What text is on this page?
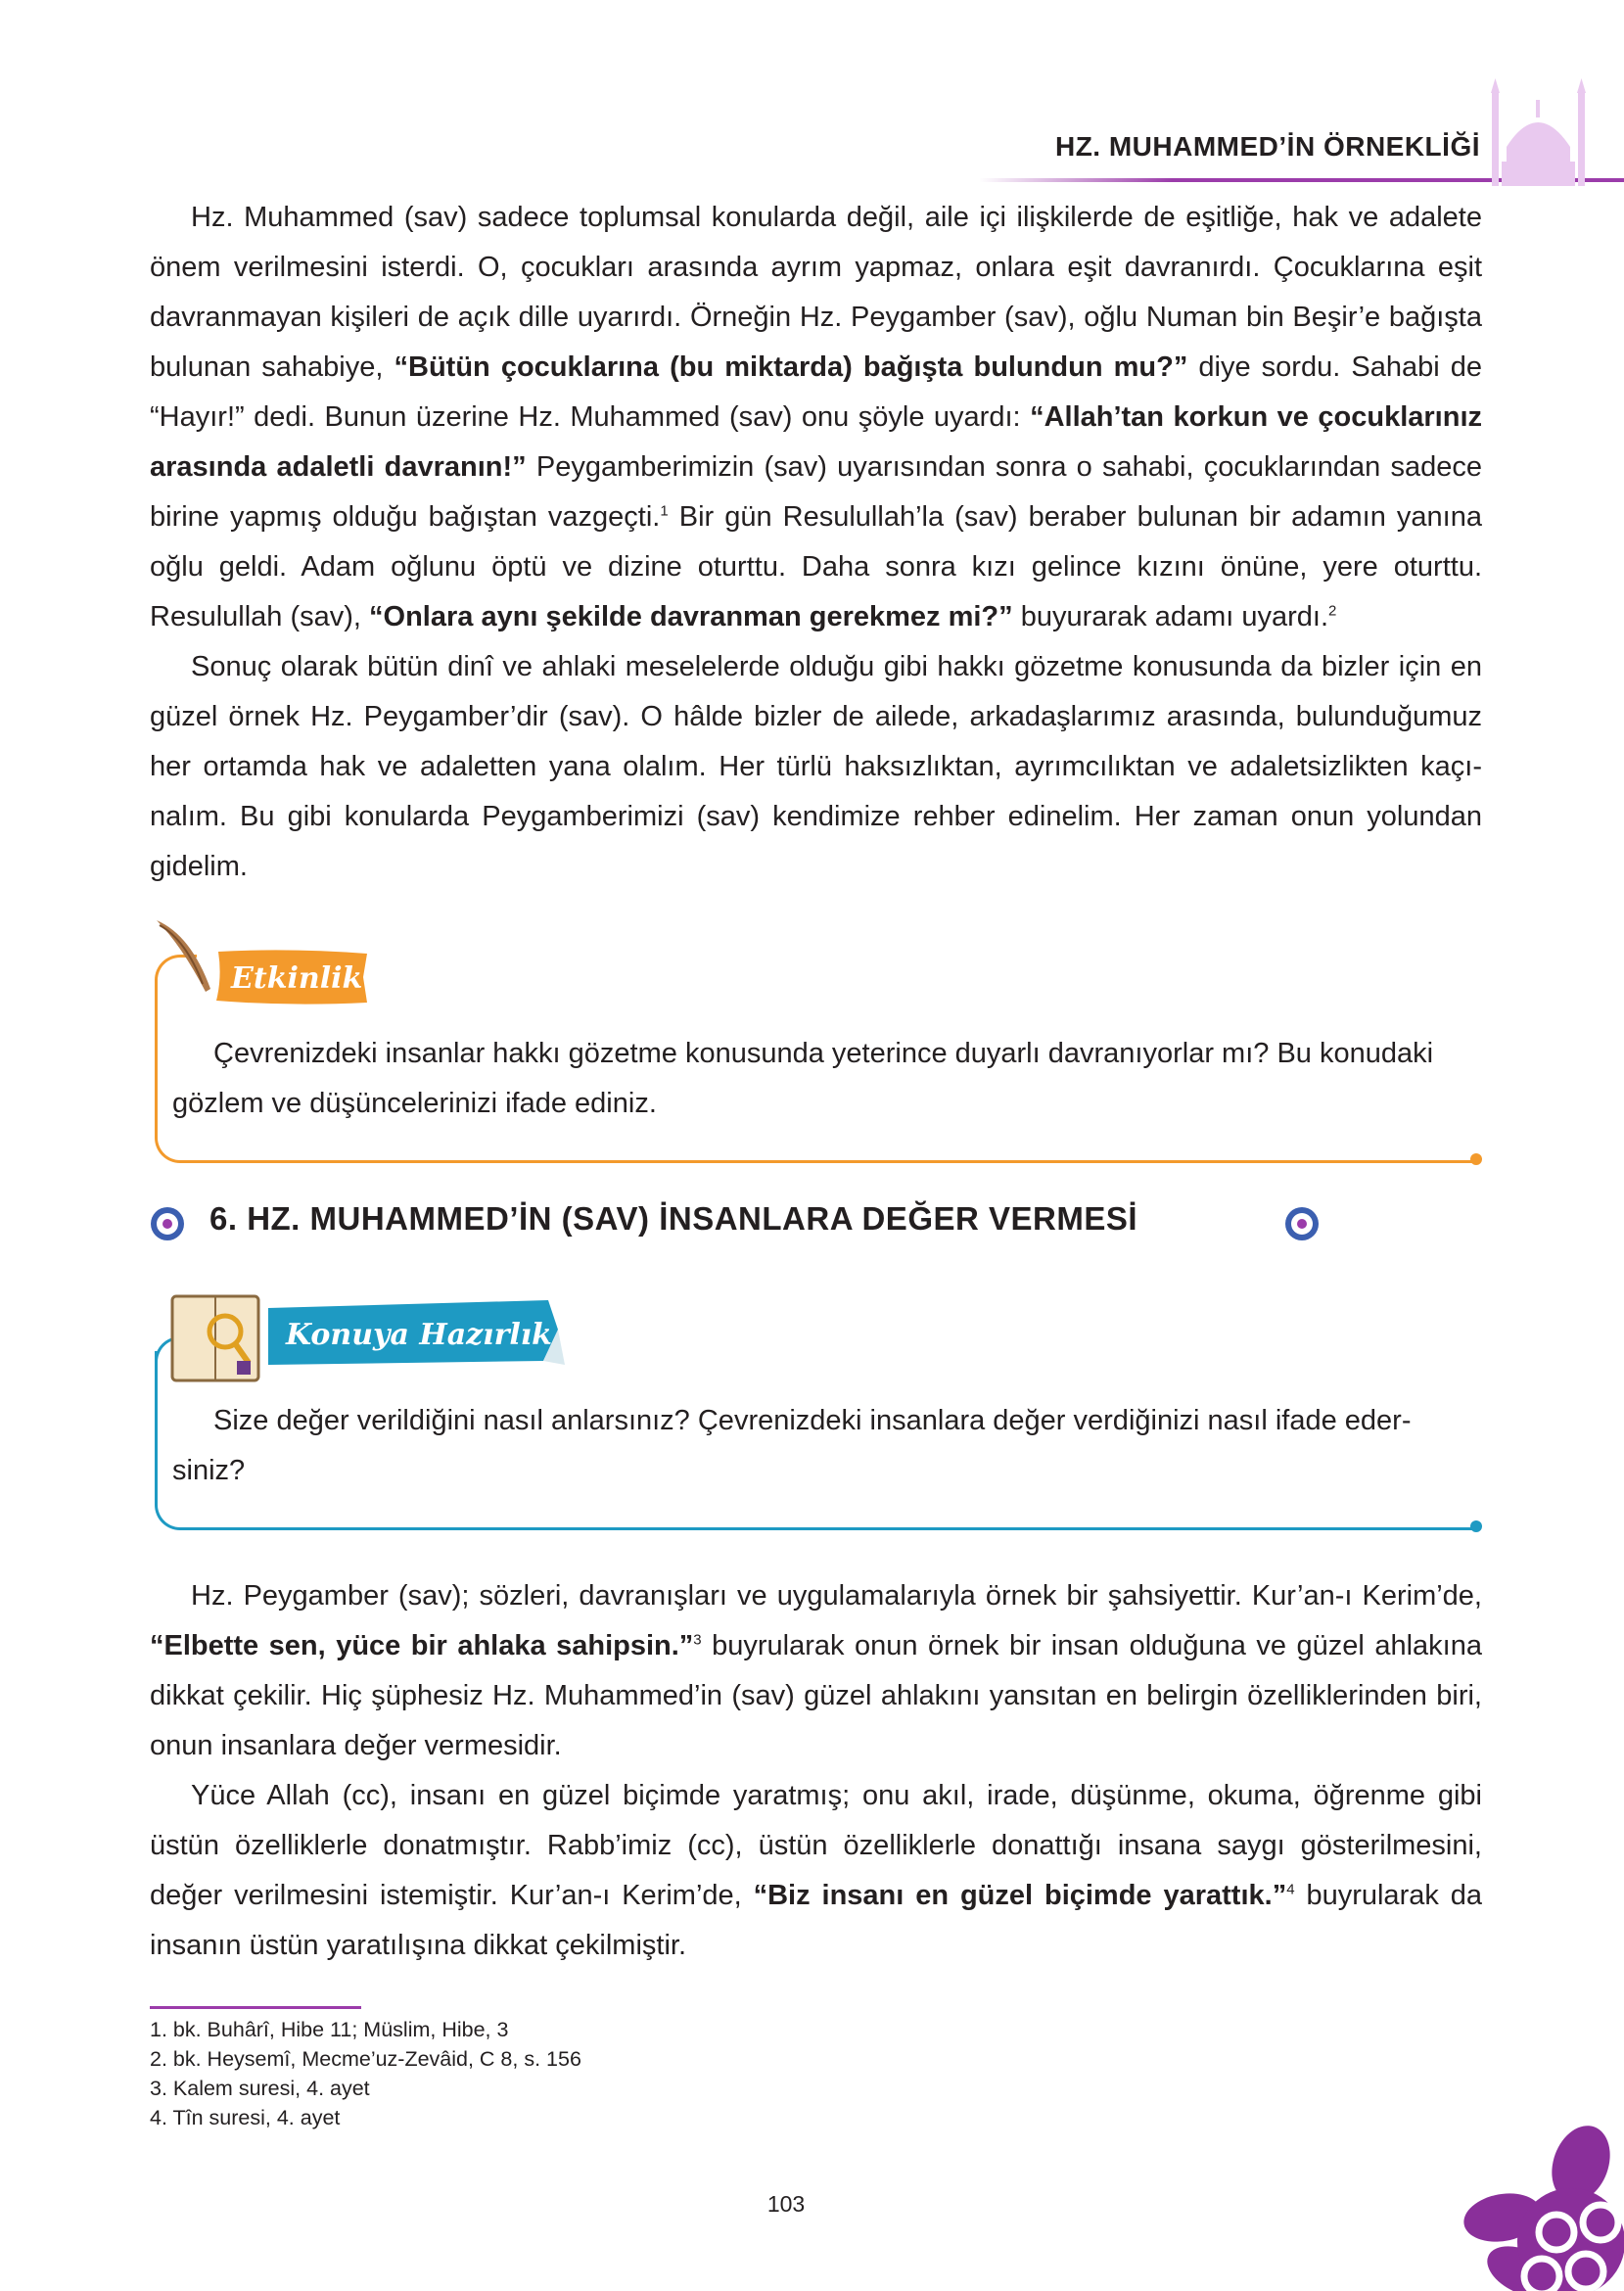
HZ. MUHAMMED’İN ÖRNEKLİĞİ

Hz. Muhammed (sav) sadece toplumsal konularda değil, aile içi ilişkilerde de eşitliğe, hak ve adalete önem verilmesini isterdi. O, çocukları arasında ayrım yapmaz, onlara eşit davranırdı. Çocuklarına eşit davranmayan kişileri de açık dille uyarırdı. Örneğin Hz. Peygamber (sav), oğlu Numan bin Beşir’e bağışta bulunan sahabiye, “Bütün çocuklarına (bu miktarda) bağışta bulundun mu?” diye sordu. Sahabi de “Hayır!” dedi. Bunun üzerine Hz. Muhammed (sav) onu şöyle uyardı: “Allah’tan korkun ve çocuklarınız arasında adaletli davranın!” Peygamberimizin (sav) uyarısından sonra o sahabi, çocuklarından sadece birine yapmış olduğu bağıştan vazgeçti.$^1$ Bir gün Resulullah’la (sav) beraber bulunan bir adamın yanına oğlu geldi. Adam oğlunu öptü ve dizine oturttu. Daha sonra kızı gelince kızını önüne, yere oturttu. Resulullah (sav), “Onlara aynı şekilde davranman gerekmez mi?” buyurarak adamı uyardı.$^2$

Sonuç olarak bütün dinî ve ahlaki meselelerde olduğu gibi hakkı gözetme konusunda da bizler için en güzel örnek Hz. Peygamber’dir (sav). O hâlde bizler de ailede, arkadaşlarımız arasında, bulunduğumuz her ortamda hak ve adaletten yana olalım. Her türlü haksızlıktan, ayrımcılıktan ve adaletsizlikten kaçınalım. Bu gibi konularda Peygamberimizi (sav) kendimize rehber edinelim. Her zaman onun yolundan gidelim.

Etkinlik

Çevrenizdeki insanlar hakkı gözetme konusunda yeterince duyarlı davranıyorlar mı? Bu konudaki gözlem ve düşüncelerinizi ifade ediniz.

6. HZ. MUHAMMED’İN (SAV) İNSANLARA DEĞER VERMESİ
Konuya Hazırlık

Size değer verildiğini nasıl anlarsınız? Çevrenizdeki insanlara değer verdiğinizi nasıl ifade edersiniz?

Hz. Peygamber (sav); sözleri, davranışları ve uygulamalarıyla örnek bir şahsiyettir. Kur’an-ı Kerim’de, “Elbette sen, yüce bir ahlaka sahipsin.”$^3$ buyrularak onun örnek bir insan olduğuna ve güzel ahlakına dikkat çekilir. Hiç şüphesiz Hz. Muhammed’in (sav) güzel ahlakını yansıtan en belirgin özelliklerinden biri, onun insanlara değer vermesidir.

Yüce Allah (cc), insanı en güzel biçimde yaratmış; onu akıl, irade, düşünme, okuma, öğrenme gibi üstün özelliklerle donatmıştır. Rabb’imiz (cc), üstün özelliklerle donattığı insana saygı gösterilmesini, değer verilmesini istemiştir. Kur’an-ı Kerim’de, “Biz insanı en güzel biçimde yarattık.”$^4$ buyrularak da insanın üstün yaratılışına dikkat çekilmiştir.

1. bk. Buhârî, Hibe 11; Müslim, Hibe, 3
2. bk. Heysemî, Mecme’uz-Zevâid, C 8, s. 156
3. Kalem suresi, 4. ayet
4. Tîn suresi, 4. ayet
103
